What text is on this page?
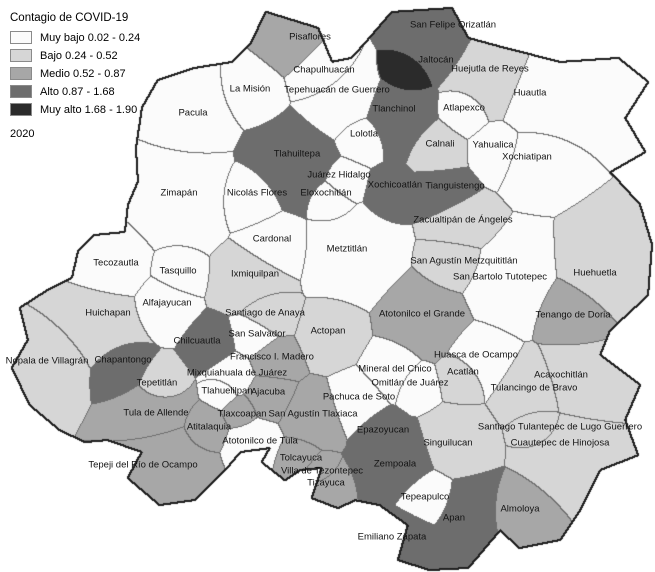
San Felipe Orizatlán
Pisaflores
Jaltocán
Huejutla de Reyes
Chapulhuacán
La Misión Tepehuacán de Guerrero	Huautla
Tlanchinol	Atlapexco
Pacula
Lolotla
Calnali Yahualica
Xochiatipan
Tlahuiltepa
Juárez Hidalgo
Xochicoatlán Tianguistengo
Zimapán	Nicolás Flores Eloxochitlán
Zacualtipán de Ángeles
Cardonal
Metztitlán
Tecozautla
Tasquillo
San Agustín Metzquititlán
Huehuetla
San Bartolo Tutotepec
Ixmiquilpan
Alfajayucan
Huichapan	Santiago de Anaya	Atotonilco el Grande	Tenango de Doria
San Salvador	Actopan
Chilcuautla
Nopala de Villagrán Chapantongo	Francisco I. Madero
Mixquiahuala de Juárez
Tepetitlán
Huasca de Ocampo
Mineral del Chico Acatlán
Omitlán de Juárez
Acaxochitlán
Tulancingo de Bravo
Tlahuelilpan
Ajacuba	Pachuca de Soto
Tula de Allende	Tlaxcoapan San Agustín Tlaxiaca
Santiago Tulantepec de Lugo Guerrero
Atitalaquia
Atotonilco de Tula
Tepeji del Río de Ocampo
Tolcayuca
Villa de Tezontepec
Tizayuca
Epazoyucan
Zempoala
Singuilucan
Tepeapulco
Apan
Emiliano Zapata
Almoloya
Cuautepec de Hinojosa
Contagio de COVID-19
Muy bajo 0.02 - 0.24
Bajo 0.24 - 0.52
Medio 0.52 - 0.87
Alto 0.87 - 1.68
Muy alto 1.68 - 1.90
2020
